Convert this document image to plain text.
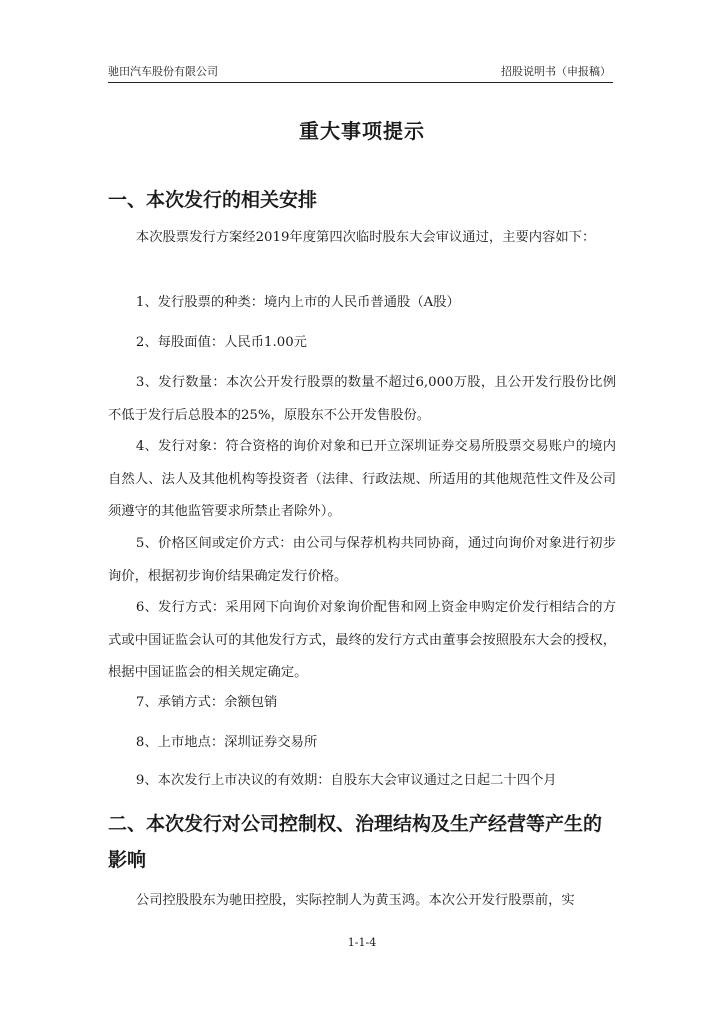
驰田汽车股份有限公司	招股说明书（申报稿）
重大事项提示
一、本次发行的相关安排
本次股票发行方案经2019年度第四次临时股东大会审议通过，主要内容如下：
1、发行股票的种类：境内上市的人民币普通股（A股）
2、每股面值：人民币1.00元
3、发行数量：本次公开发行股票的数量不超过6,000万股，且公开发行股份比例不低于发行后总股本的25%，原股东不公开发售股份。
4、发行对象：符合资格的询价对象和已开立深圳证券交易所股票交易账户的境内自然人、法人及其他机构等投资者（法律、行政法规、所适用的其他规范性文件及公司须遵守的其他监管要求所禁止者除外）。
5、价格区间或定价方式：由公司与保荐机构共同协商，通过向询价对象进行初步询价，根据初步询价结果确定发行价格。
6、发行方式：采用网下向询价对象询价配售和网上资金申购定价发行相结合的方式或中国证监会认可的其他发行方式，最终的发行方式由董事会按照股东大会的授权，根据中国证监会的相关规定确定。
7、承销方式：余额包销
8、上市地点：深圳证券交易所
9、本次发行上市决议的有效期：自股东大会审议通过之日起二十四个月
二、本次发行对公司控制权、治理结构及生产经营等产生的影响
公司控股股东为驰田控股，实际控制人为黄玉鸿。本次公开发行股票前，实
1-1-4
